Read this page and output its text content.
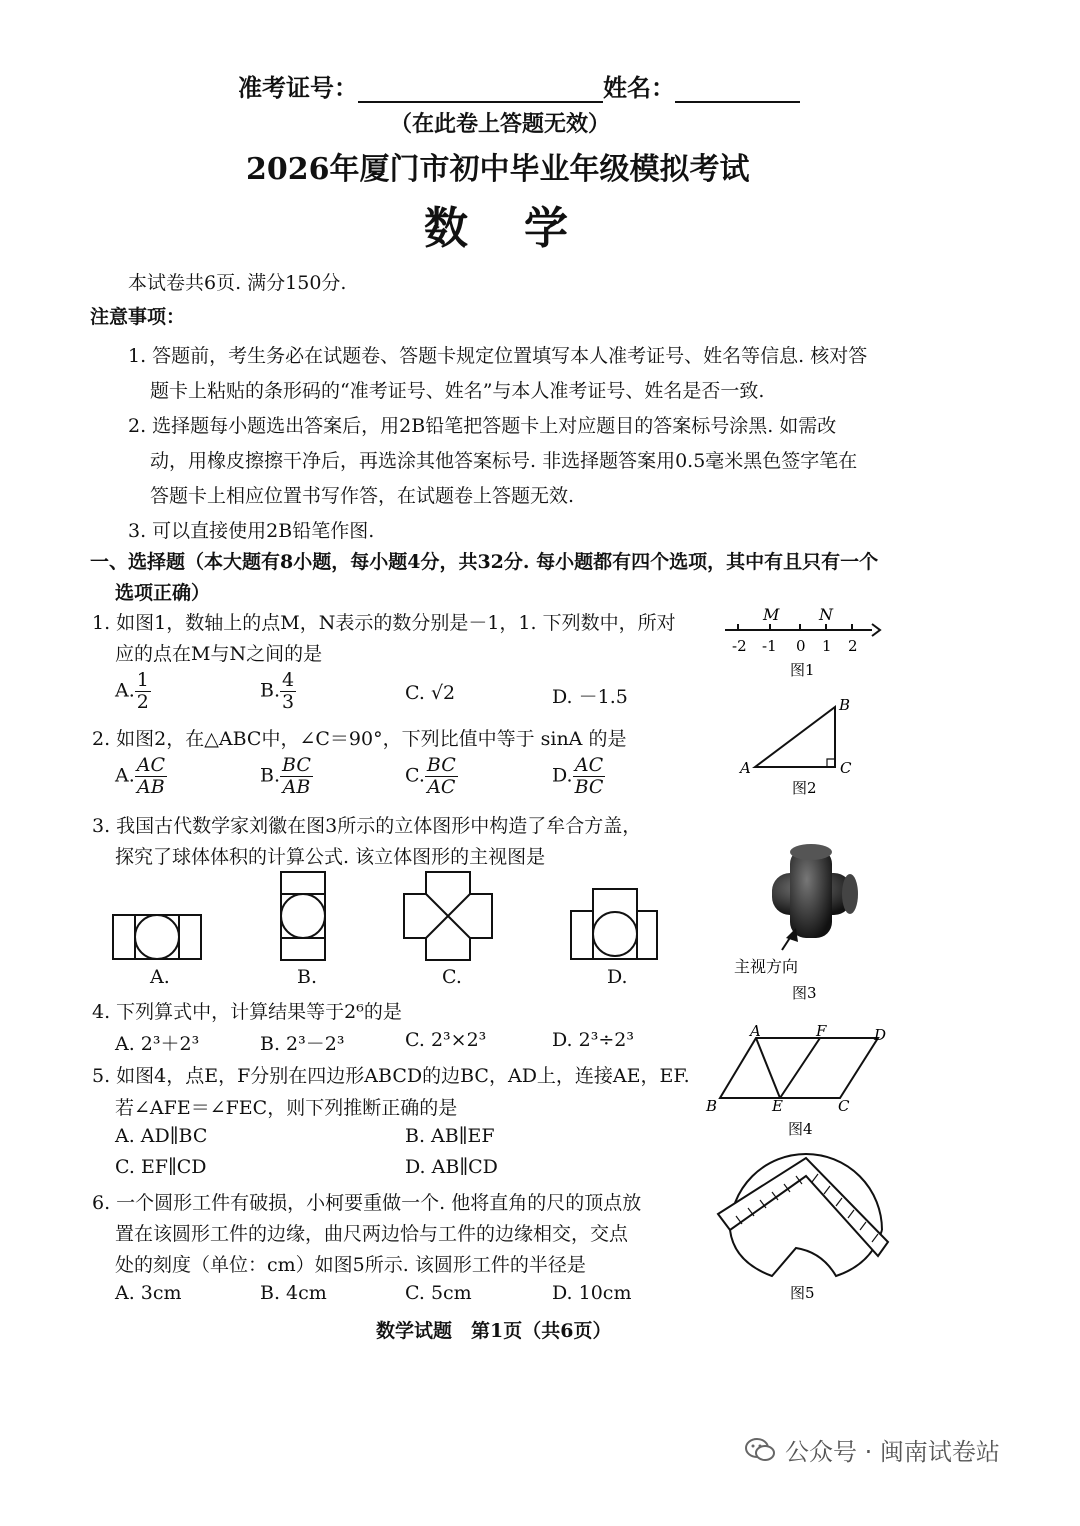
准考证号：	姓名：
（在此卷上答题无效）
2026年厦门市初中毕业年级模拟考试
数　学
本试卷共6页. 满分150分.
注意事项：
1. 答题前，考生务必在试题卷、答题卡规定位置填写本人准考证号、姓名等信息. 核对答
题卡上粘贴的条形码的“准考证号、姓名”与本人准考证号、姓名是否一致.
2. 选择题每小题选出答案后，用2B铅笔把答题卡上对应题目的答案标号涂黑. 如需改
动，用橡皮擦擦干净后，再选涂其他答案标号. 非选择题答案用0.5毫米黑色签字笔在
答题卡上相应位置书写作答，在试题卷上答题无效.
3. 可以直接使用2B铅笔作图.
一、选择题（本大题有8小题，每小题4分，共32分. 每小题都有四个选项，其中有且只有一个
选项正确）
1. 如图1，数轴上的点M，N表示的数分别是－1，1. 下列数中，所对
应的点在M与N之间的是
A. $\frac{1}{2}$	B. $\frac{4}{3}$	C. √2	D. －1.5
-2 -1 0 1 2
M N
图1
2. 如图2，在△ABC中，∠C＝90°，下列比值中等于 sinA 的是
A. $\frac{AC}{AB}$	B. $\frac{BC}{AB}$	C. $\frac{BC}{AC}$	D. $\frac{AC}{BC}$	A
B
C
图2
3. 我国古代数学家刘徽在图3所示的立体图形中构造了牟合方盖，
探究了球体体积的计算公式. 该立体图形的主视图是
A.	B.	C.	D.	主视方向
图3
4. 下列算式中，计算结果等于2⁶的是
A. 2³＋2³	B. 2³－2³	C. 2³×2³	D. 2³÷2³
5. 如图4，点E，F分别在四边形ABCD的边BC，AD上，连接AE，EF.
若∠AFE＝∠FEC，则下列推断正确的是
A. AD∥BC	B. AB∥EF
C. EF∥CD	D. AB∥CD
A	F	D
B	E	C
图4
6. 一个圆形工件有破损，小柯要重做一个. 他将直角的尺的顶点放
置在该圆形工件的边缘，曲尺两边恰与工件的边缘相交，交点
处的刻度（单位：cm）如图5所示. 该圆形工件的半径是
A. 3cm	B. 4cm	C. 5cm	D. 10cm	图5
数学试题　第1页（共6页）
公众号 · 闽南试卷站
